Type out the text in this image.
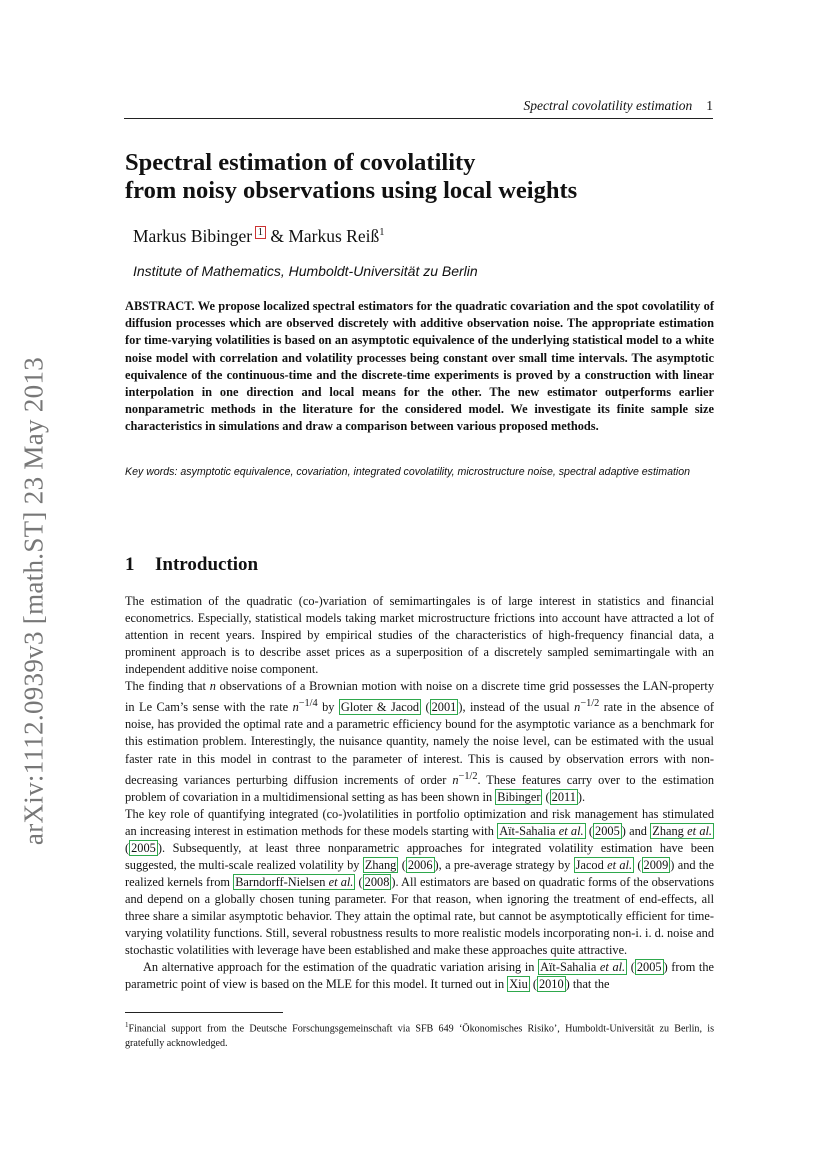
arXiv:1112.0939v3 [math.ST] 23 May 2013
Spectral covolatility estimation 1
Spectral estimation of covolatility
from noisy observations using local weights
Markus Bibinger $^1$ & Markus Reiß$^1$
Institute of Mathematics, Humboldt-Universität zu Berlin

ABSTRACT. We propose localized spectral estimators for the quadratic covariation and the spot covolatility of diffusion processes which are observed discretely with additive observation noise. The appropriate estimation for time-varying volatilities is based on an asymptotic equivalence of the underlying statistical model to a white noise model with correlation and volatility processes being constant over small time intervals. The asymptotic equivalence of the continuous-time and the discrete-time experiments is proved by a construction with linear interpolation in one direction and local means for the other. The new estimator outperforms earlier nonparametric methods in the literature for the considered model. We investigate its finite sample size characteristics in simulations and draw a comparison between various proposed methods.

Key words: asymptotic equivalence, covariation, integrated covolatility, microstructure noise, spectral adaptive estimation

1 Introduction

The estimation of the quadratic (co-)variation of semimartingales is of large interest in statistics and financial econometrics. Especially, statistical models taking market microstructure frictions into account have attracted a lot of attention in recent years. Inspired by empirical studies of the characteristics of high-frequency financial data, a prominent approach is to describe asset prices as a superposition of a discretely sampled semimartingale with an independent additive noise component.

The finding that n observations of a Brownian motion with noise on a discrete time grid possesses the LAN-property in Le Cam’s sense with the rate $n^{-1/4}$ by Gloter & Jacod ( 2001 ), instead of the usual $n^{-1/2}$ rate in the absence of noise, has provided the optimal rate and a parametric efficiency bound for the asymptotic variance as a benchmark for this estimation problem. Interestingly, the nuisance quantity, namely the noise level, can be estimated with the usual faster rate in this model in contrast to the parameter of interest. This is caused by observation errors with non-decreasing variances perturbing diffusion increments of order $n^{-1/2}$. These features carry over to the estimation problem of covariation in a multidimensional setting as has been shown in Bibinger ( 2011 ).

The key role of quantifying integrated (co-)volatilities in portfolio optimization and risk management has stimulated an increasing interest in estimation methods for these models starting with Aït-Sahalia et al. ( 2005 ) and Zhang et al. ( 2005 ). Subsequently, at least three nonparametric approaches for integrated volatility estimation have been suggested, the multi-scale realized volatility by Zhang ( 2006 ), a pre-average strategy by Jacod et al. ( 2009 ) and the realized kernels from Barndorff-Nielsen et al. ( 2008 ). All estimators are based on quadratic forms of the observations and depend on a globally chosen tuning parameter. For that reason, when ignoring the treatment of end-effects, all three share a similar asymptotic behavior. They attain the optimal rate, but cannot be asymptotically efficient for time-varying volatility functions. Still, several robustness results to more realistic models incorporating non-i. i. d. noise and stochastic volatilities with leverage have been established and make these approaches quite attractive.

An alternative approach for the estimation of the quadratic variation arising in Aït-Sahalia et al. ( 2005 ) from the parametric point of view is based on the MLE for this model. It turned out in Xiu ( 2010 ) that the

$^1$Financial support from the Deutsche Forschungsgemeinschaft via SFB 649 ‘Ökonomisches Risiko’, Humboldt-Universität zu Berlin, is gratefully acknowledged.
